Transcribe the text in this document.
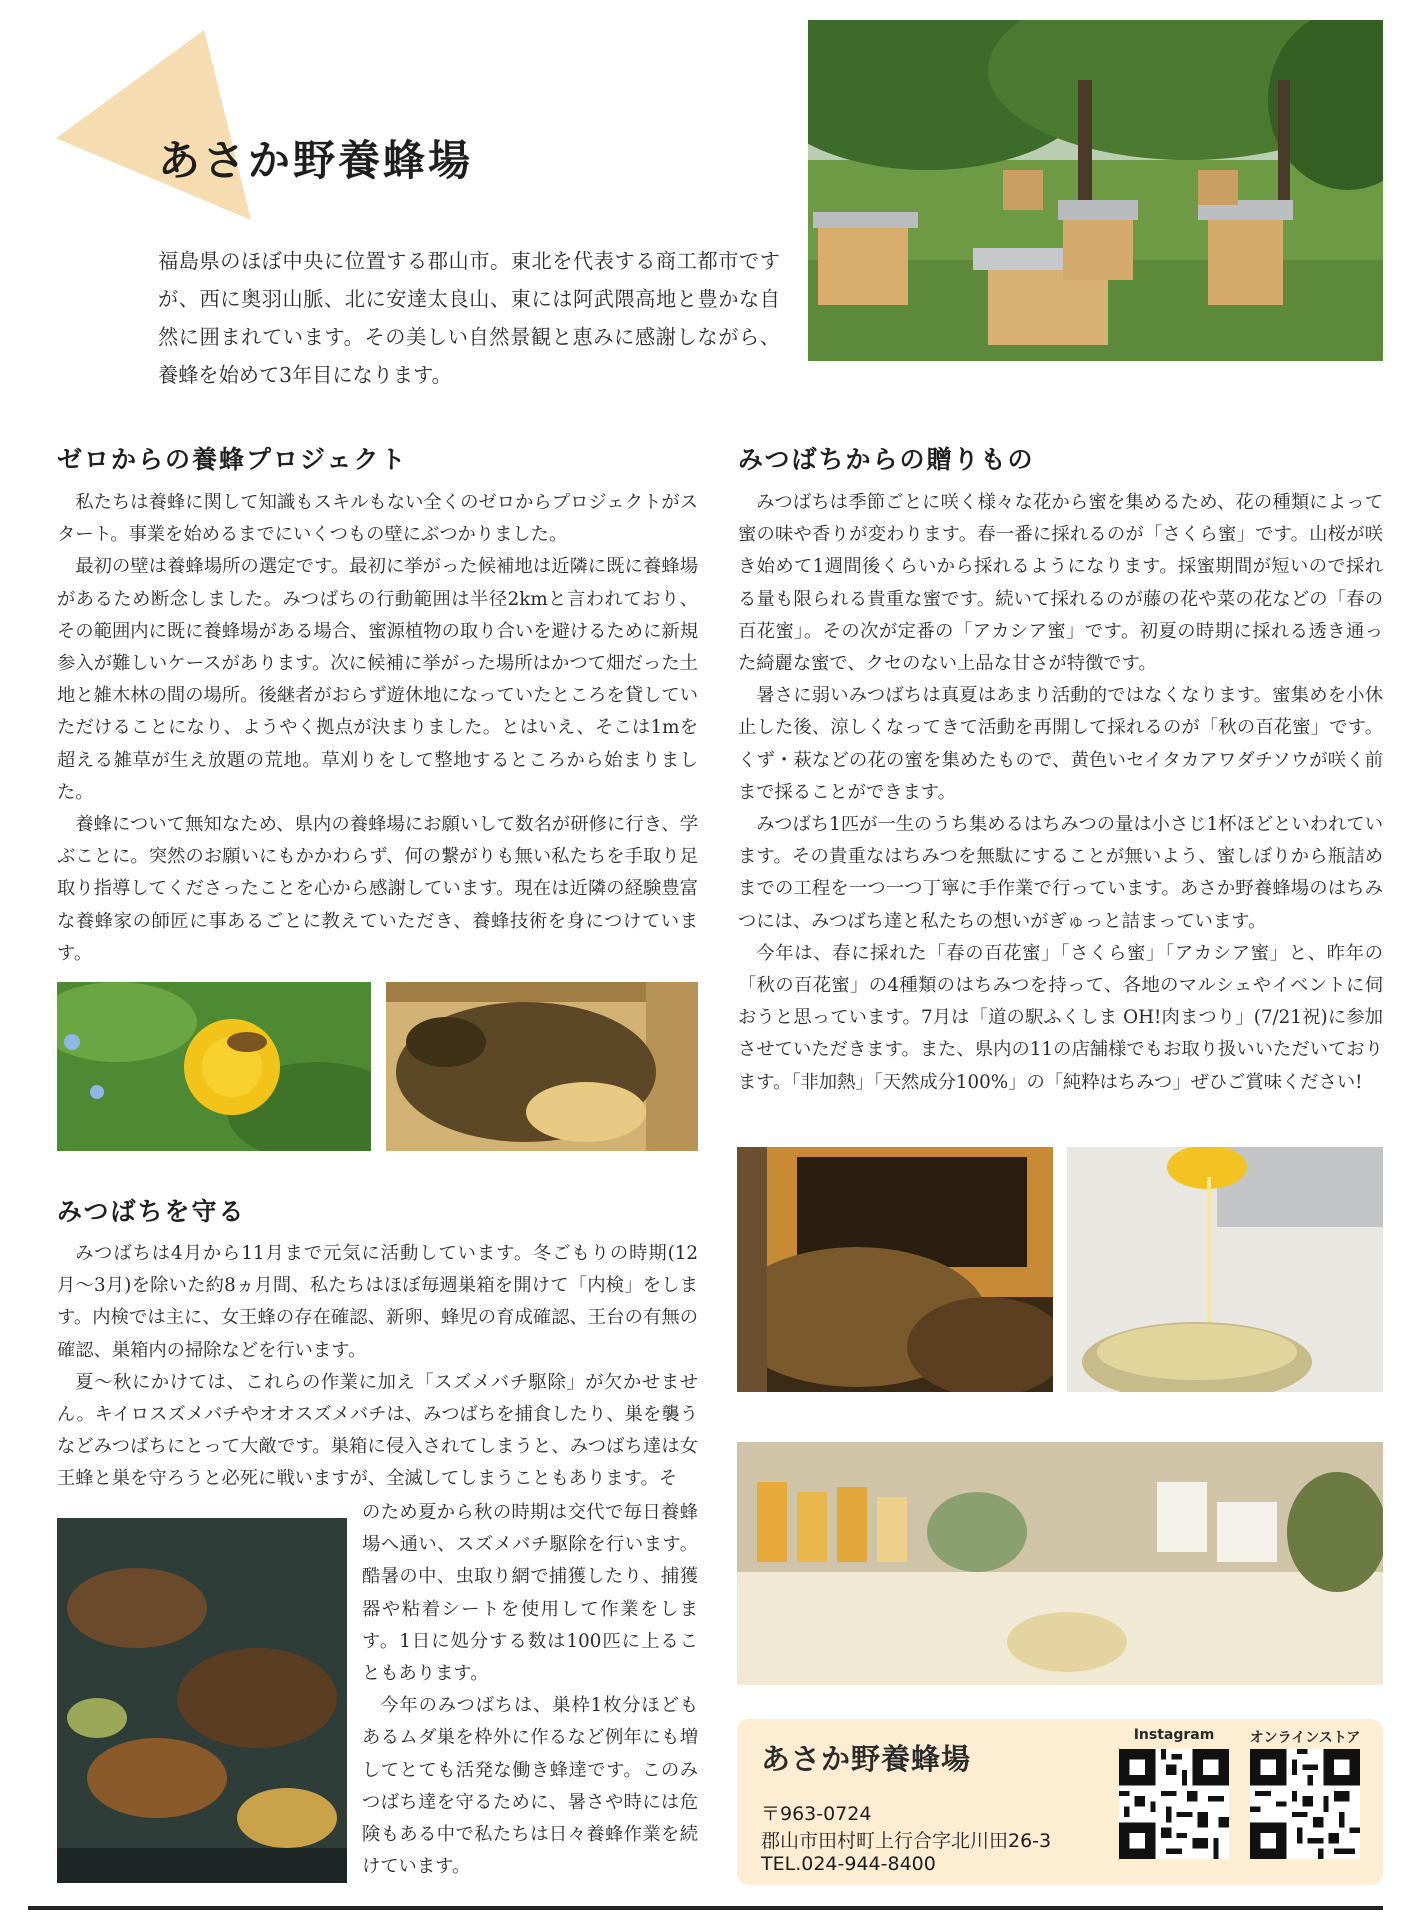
あさか野養蜂場

福島県のほぼ中央に位置する郡山市。東北を代表する商工都市ですが、西に奥羽山脈、北に安達太良山、東には阿武隈高地と豊かな自然に囲まれています。その美しい自然景観と恵みに感謝しながら、養蜂を始めて3年目になります。

ゼロからの養蜂プロジェクト

私たちは養蜂に関して知識もスキルもない全くのゼロからプロジェクトがスタート。事業を始めるまでにいくつもの壁にぶつかりました。

最初の壁は養蜂場所の選定です。最初に挙がった候補地は近隣に既に養蜂場があるため断念しました。みつばちの行動範囲は半径2kmと言われており、その範囲内に既に養蜂場がある場合、蜜源植物の取り合いを避けるために新規参入が難しいケースがあります。次に候補に挙がった場所はかつて畑だった土地と雑木林の間の場所。後継者がおらず遊休地になっていたところを貸していただけることになり、ようやく拠点が決まりました。とはいえ、そこは1mを超える雑草が生え放題の荒地。草刈りをして整地するところから始まりました。

養蜂について無知なため、県内の養蜂場にお願いして数名が研修に行き、学ぶことに。突然のお願いにもかかわらず、何の繋がりも無い私たちを手取り足取り指導してくださったことを心から感謝しています。現在は近隣の経験豊富な養蜂家の師匠に事あるごとに教えていただき、養蜂技術を身につけています。

みつばちを守る

みつばちは4月から11月まで元気に活動しています。冬ごもりの時期(12月〜3月)を除いた約8ヵ月間、私たちはほぼ毎週巣箱を開けて「内検」をします。内検では主に、女王蜂の存在確認、新卵、蜂児の育成確認、王台の有無の確認、巣箱内の掃除などを行います。

夏〜秋にかけては、これらの作業に加え「スズメバチ駆除」が欠かせません。キイロスズメバチやオオスズメバチは、みつばちを捕食したり、巣を襲うなどみつばちにとって大敵です。巣箱に侵入されてしまうと、みつばち達は女王蜂と巣を守ろうと必死に戦いますが、全滅してしまうこともあります。そ

のため夏から秋の時期は交代で毎日養蜂場へ通い、スズメバチ駆除を行います。酷暑の中、虫取り網で捕獲したり、捕獲器や粘着シートを使用して作業をします。1日に処分する数は100匹に上ることもあります。

今年のみつばちは、巣枠1枚分ほどもあるムダ巣を枠外に作るなど例年にも増してとても活発な働き蜂達です。このみつばち達を守るために、暑さや時には危険もある中で私たちは日々養蜂作業を続けています。

みつばちからの贈りもの

みつばちは季節ごとに咲く様々な花から蜜を集めるため、花の種類によって蜜の味や香りが変わります。春一番に採れるのが「さくら蜜」です。山桜が咲き始めて1週間後くらいから採れるようになります。採蜜期間が短いので採れる量も限られる貴重な蜜です。続いて採れるのが藤の花や菜の花などの「春の百花蜜」。その次が定番の「アカシア蜜」です。初夏の時期に採れる透き通った綺麗な蜜で、クセのない上品な甘さが特徴です。

暑さに弱いみつばちは真夏はあまり活動的ではなくなります。蜜集めを小休止した後、涼しくなってきて活動を再開して採れるのが「秋の百花蜜」です。くず・萩などの花の蜜を集めたもので、黄色いセイタカアワダチソウが咲く前まで採ることができます。

みつばち1匹が一生のうち集めるはちみつの量は小さじ1杯ほどといわれています。その貴重なはちみつを無駄にすることが無いよう、蜜しぼりから瓶詰めまでの工程を一つ一つ丁寧に手作業で行っています。あさか野養蜂場のはちみつには、みつばち達と私たちの想いがぎゅっと詰まっています。

今年は、春に採れた「春の百花蜜」「さくら蜜」「アカシア蜜」と、昨年の「秋の百花蜜」の4種類のはちみつを持って、各地のマルシェやイベントに伺おうと思っています。7月は「道の駅ふくしま OH!肉まつり」(7/21祝)に参加させていただきます。また、県内の11の店舗様でもお取り扱いいただいております。「非加熱」「天然成分100%」の「純粋はちみつ」ぜひご賞味ください!

あさか野養蜂場
〒963-0724
郡山市田村町上行合字北川田26-3
TEL.024-944-8400
Instagram	オンラインストア
